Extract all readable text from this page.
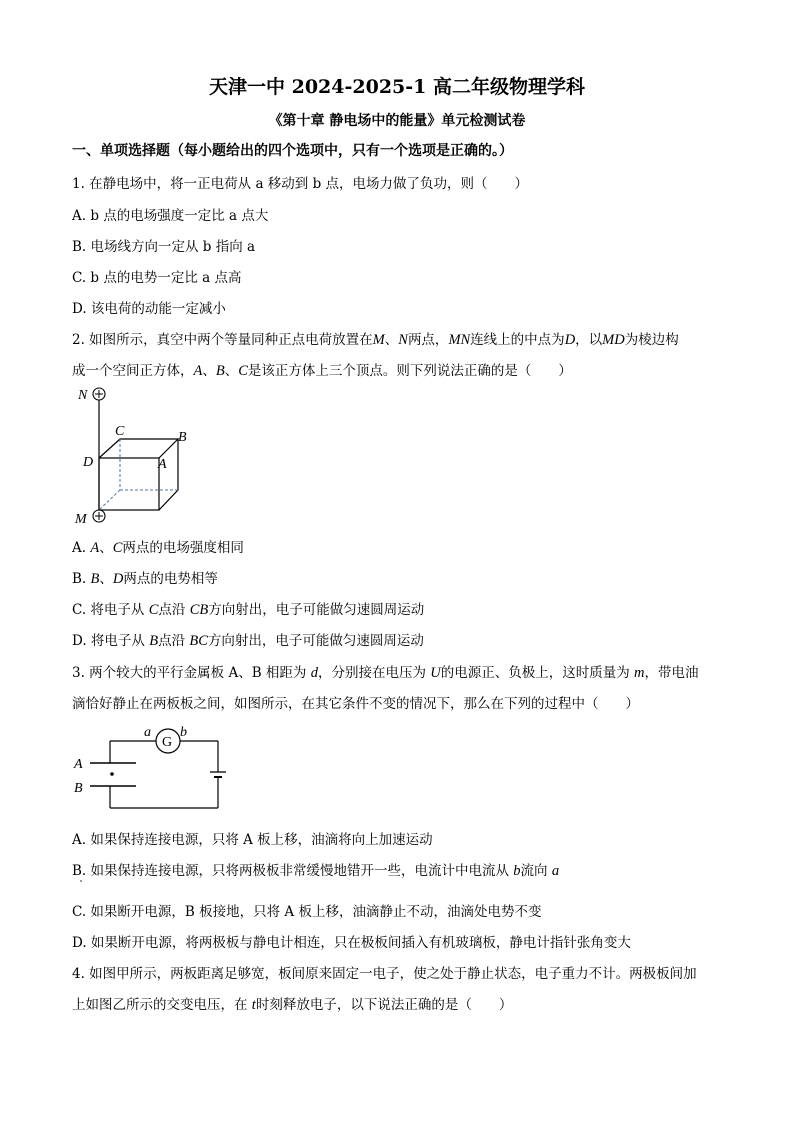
天津一中 2024-2025-1 高二年级物理学科
《第十章 静电场中的能量》单元检测试卷
一、单项选择题（每小题给出的四个选项中，只有一个选项是正确的。）
1. 在静电场中，将一正电荷从 a 移动到 b 点，电场力做了负功，则（　　）
A. b 点的电场强度一定比 a 点大
B. 电场线方向一定从 b 指向 a
C. b 点的电势一定比 a 点高
D. 该电荷的动能一定减小
2. 如图所示，真空中两个等量同种正点电荷放置在M、N两点，MN连线上的中点为D，以MD为棱边构
成一个空间正方体，A、B、C是该正方体上三个顶点。则下列说法正确的是（　　）
N
C	B
D	A
M
A. A、C两点的电场强度相同
B. B、D两点的电势相等
C. 将电子从 C点沿 CB方向射出，电子可能做匀速圆周运动
D. 将电子从 B点沿 BC方向射出，电子可能做匀速圆周运动
3. 两个较大的平行金属板 A、B 相距为 d，分别接在电压为 U的电源正、负极上，这时质量为 m，带电油
滴恰好静止在两板板之间，如图所示，在其它条件不变的情况下，那么在下列的过程中（　　）
G
a b
A
B
A. 如果保持连接电源，只将 A 板上移，油滴将向上加速运动
B. 如果保持连接电源，只将两极板非常缓慢地错开一些，电流计中电流从 b流向 a
C. 如果断开电源，B 板接地，只将 A 板上移，油滴静止不动，油滴处电势不变
D. 如果断开电源，将两极板与静电计相连，只在极板间插入有机玻璃板，静电计指针张角变大
4. 如图甲所示，两板距离足够宽，板间原来固定一电子，使之处于静止状态，电子重力不计。两极板间加
上如图乙所示的交变电压，在 t时刻释放电子，以下说法正确的是（　　）
